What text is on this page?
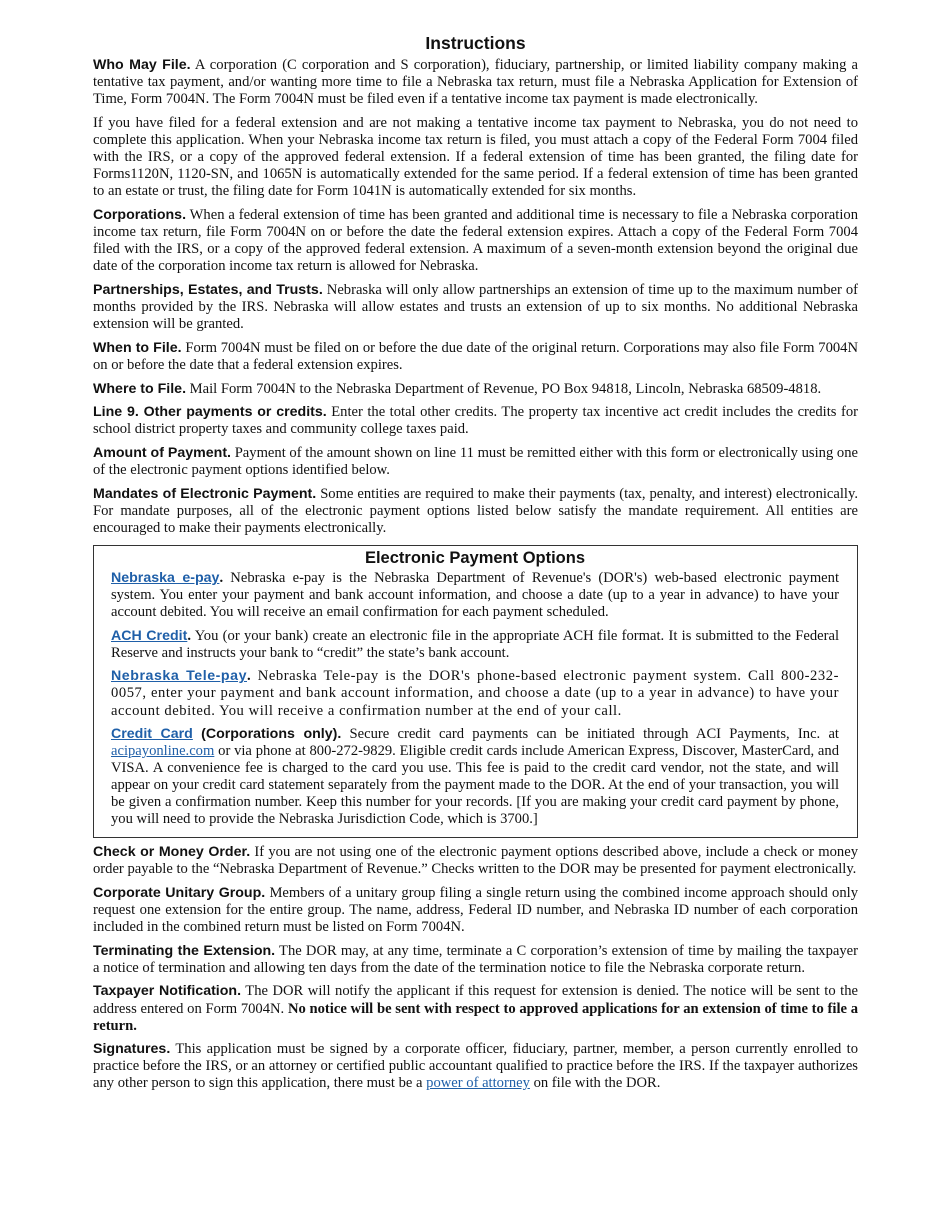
Instructions

Who May File. A corporation (C corporation and S corporation), fiduciary, partnership, or limited liability company making a tentative tax payment, and/or wanting more time to file a Nebraska tax return, must file a Nebraska Application for Extension of Time, Form 7004N. The Form 7004N must be filed even if a tentative income tax payment is made electronically.

If you have filed for a federal extension and are not making a tentative income tax payment to Nebraska, you do not need to complete this application. When your Nebraska income tax return is filed, you must attach a copy of the Federal Form 7004 filed with the IRS, or a copy of the approved federal extension. If a federal extension of time has been granted, the filing date for Forms1120N, 1120-SN, and 1065N is automatically extended for the same period. If a federal extension of time has been granted to an estate or trust, the filing date for Form 1041N is automatically extended for six months.

Corporations. When a federal extension of time has been granted and additional time is necessary to file a Nebraska corporation income tax return, file Form 7004N on or before the date the federal extension expires. Attach a copy of the Federal Form 7004 filed with the IRS, or a copy of the approved federal extension. A maximum of a seven-month extension beyond the original due date of the corporation income tax return is allowed for Nebraska.

Partnerships, Estates, and Trusts. Nebraska will only allow partnerships an extension of time up to the maximum number of months provided by the IRS. Nebraska will allow estates and trusts an extension of up to six months. No additional Nebraska extension will be granted.

When to File. Form 7004N must be filed on or before the due date of the original return. Corporations may also file Form 7004N on or before the date that a federal extension expires.

Where to File. Mail Form 7004N to the Nebraska Department of Revenue, PO Box 94818, Lincoln, Nebraska 68509-4818.

Line 9. Other payments or credits. Enter the total other credits. The property tax incentive act credit includes the credits for school district property taxes and community college taxes paid.

Amount of Payment. Payment of the amount shown on line 11 must be remitted either with this form or electronically using one of the electronic payment options identified below.

Mandates of Electronic Payment. Some entities are required to make their payments (tax, penalty, and interest) electronically. For mandate purposes, all of the electronic payment options listed below satisfy the mandate requirement. All entities are encouraged to make their payments electronically.

Electronic Payment Options

Nebraska e-pay. Nebraska e-pay is the Nebraska Department of Revenue's (DOR's) web-based electronic payment system. You enter your payment and bank account information, and choose a date (up to a year in advance) to have your account debited. You will receive an email confirmation for each payment scheduled.

ACH Credit. You (or your bank) create an electronic file in the appropriate ACH file format. It is submitted to the Federal Reserve and instructs your bank to “credit” the state’s bank account.

Nebraska Tele-pay. Nebraska Tele-pay is the DOR's phone-based electronic payment system. Call 800-232-0057, enter your payment and bank account information, and choose a date (up to a year in advance) to have your account debited. You will receive a confirmation number at the end of your call.

Credit Card (Corporations only). Secure credit card payments can be initiated through ACI Payments, Inc. at acipayonline.com or via phone at 800-272-9829. Eligible credit cards include American Express, Discover, MasterCard, and VISA. A convenience fee is charged to the card you use. This fee is paid to the credit card vendor, not the state, and will appear on your credit card statement separately from the payment made to the DOR. At the end of your transaction, you will be given a confirmation number. Keep this number for your records. [If you are making your credit card payment by phone, you will need to provide the Nebraska Jurisdiction Code, which is 3700.]

Check or Money Order. If you are not using one of the electronic payment options described above, include a check or money order payable to the “Nebraska Department of Revenue.” Checks written to the DOR may be presented for payment electronically.

Corporate Unitary Group. Members of a unitary group filing a single return using the combined income approach should only request one extension for the entire group. The name, address, Federal ID number, and Nebraska ID number of each corporation included in the combined return must be listed on Form 7004N.

Terminating the Extension. The DOR may, at any time, terminate a C corporation’s extension of time by mailing the taxpayer a notice of termination and allowing ten days from the date of the termination notice to file the Nebraska corporate return.

Taxpayer Notification. The DOR will notify the applicant if this request for extension is denied. The notice will be sent to the address entered on Form 7004N. No notice will be sent with respect to approved applications for an extension of time to file a return.

Signatures. This application must be signed by a corporate officer, fiduciary, partner, member, a person currently enrolled to practice before the IRS, or an attorney or certified public accountant qualified to practice before the IRS. If the taxpayer authorizes any other person to sign this application, there must be a power of attorney on file with the DOR.
